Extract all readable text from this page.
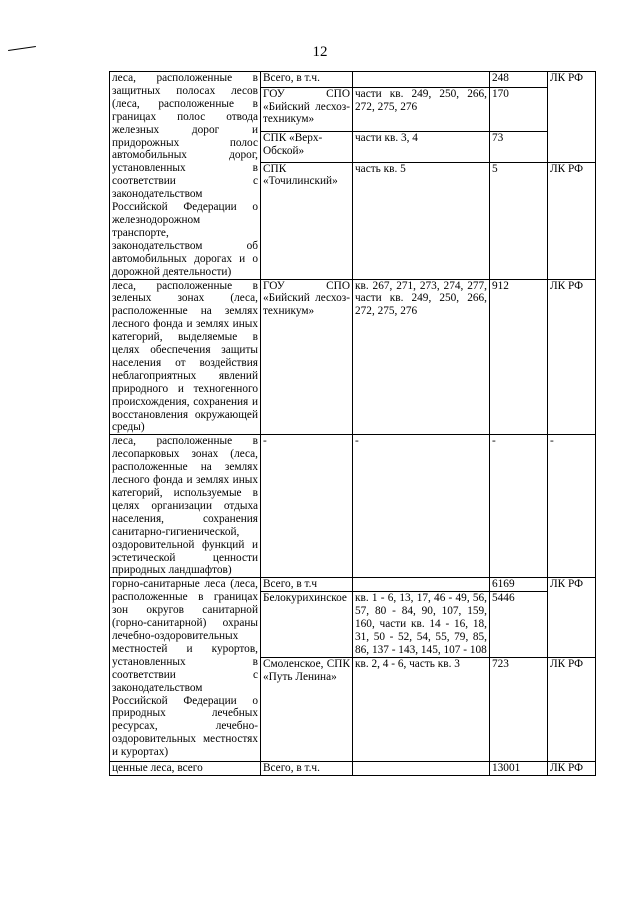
12
леса, расположенные в защитных полосах лесов (леса, расположенные в границах полос отвода железных дорог и придорожных полос автомобильных дорог, установленных в соответствии с законодательством Российской Федерации о железнодорожном транспорте, законодательством об автомобильных дорогах и о дорожной деятельности)	Всего, в т.ч.		248	ЛК РФ
	ГОУ СПО «Бийский лесхоз-техникум»	части кв. 249, 250, 266, 272, 275, 276	170	
	СПК «Верх-Обской»	части кв. 3, 4	73	
	СПК «Точилинский»	часть кв. 5	5	ЛК РФ
леса, расположенные в зеленых зонах (леса, расположенные на землях лесного фонда и землях иных категорий, выделяемые в целях обеспечения защиты населения от воздействия неблагоприятных явлений природного и техногенного происхождения, сохранения и восстановления окружающей среды)	ГОУ СПО «Бийский лесхоз-техникум»	кв. 267, 271, 273, 274, 277, части кв. 249, 250, 266, 272, 275, 276	912	ЛК РФ
леса, расположенные в лесопарковых зонах (леса, расположенные на землях лесного фонда и землях иных категорий, используемые в целях организации отдыха населения, сохранения санитарно-гигиенической, оздоровительной функций и эстетической ценности природных ландшафтов)	-	-	-	-
горно-санитарные леса (леса, расположенные в границах зон округов санитарной (горно-санитарной) охраны лечебно-оздоровительных местностей и курортов, установленных в соответствии с законодательством Российской Федерации о природных лечебных ресурсах, лечебно-оздоровительных местностях и курортах)	Всего, в т.ч		6169	ЛК РФ
	Белокурихинское	кв. 1 - 6, 13, 17, 46 - 49, 56, 57, 80 - 84, 90, 107, 159, 160, части кв. 14 - 16, 18, 31, 50 - 52, 54, 55, 79, 85, 86, 137 - 143, 145, 107 - 108	5446	
	Смоленское, СПК «Путь Ленина»	кв. 2, 4 - 6, часть кв. 3	723	ЛК РФ
ценные леса, всего	Всего, в т.ч.		13001	ЛК РФ
